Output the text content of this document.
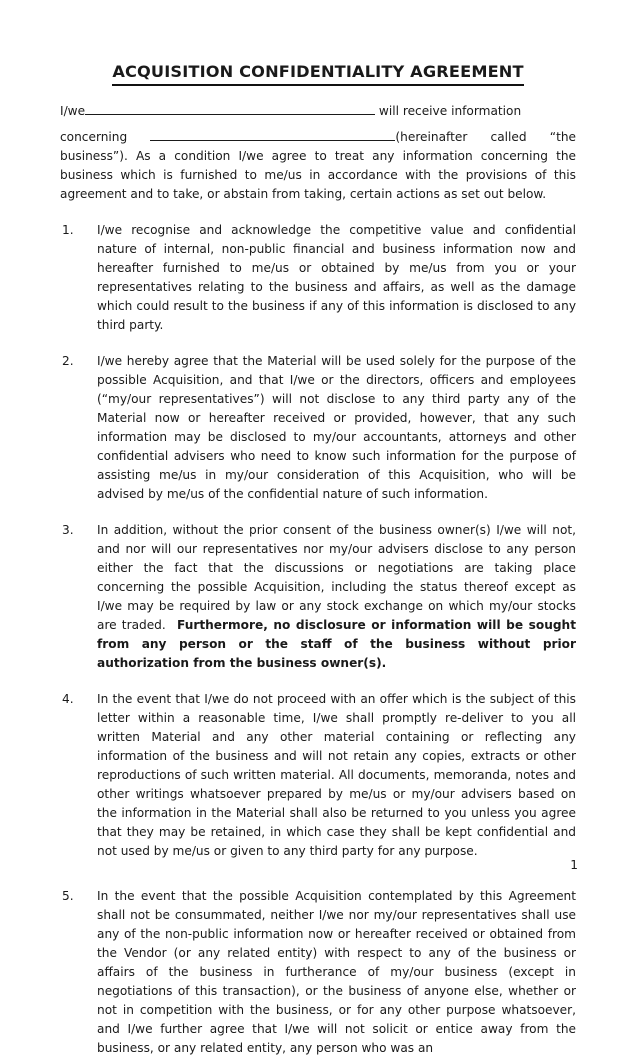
ACQUISITION CONFIDENTIALITY AGREEMENT
I/we	will receive information
concerning	(hereinafter called “the business”). As a condition I/we agree to treat any information concerning the business which is furnished to me/us in accordance with the provisions of this agreement and to take, or abstain from taking, certain actions as set out below.
1.	I/we recognise and acknowledge the competitive value and confidential nature of internal, non-public financial and business information now and hereafter furnished to me/us or obtained by me/us from you or your representatives relating to the business and affairs, as well as the damage which could result to the business if any of this information is disclosed to any third party.
2.	I/we hereby agree that the Material will be used solely for the purpose of the possible Acquisition, and that I/we or the directors, officers and employees (“my/our representatives”) will not disclose to any third party any of the Material now or hereafter received or provided, however, that any such information may be disclosed to my/our accountants, attorneys and other confidential advisers who need to know such information for the purpose of assisting me/us in my/our consideration of this Acquisition, who will be advised by me/us of the confidential nature of such information.
3.	In addition, without the prior consent of the business owner(s) I/we will not, and nor will our representatives nor my/our advisers disclose to any person either the fact that the discussions or negotiations are taking place concerning the possible Acquisition, including the status thereof except as I/we may be required by law or any stock exchange on which my/our stocks are traded.  Furthermore, no disclosure or information will be sought from any person or the staff of the business without prior authorization from the business owner(s).
4.	In the event that I/we do not proceed with an offer which is the subject of this letter within a reasonable time, I/we shall promptly re-deliver to you all written Material and any other material containing or reflecting any information of the business and will not retain any copies, extracts or other reproductions of such written material. All documents, memoranda, notes and other writings whatsoever prepared by me/us or my/our advisers based on the information in the Material shall also be returned to you unless you agree that they may be retained, in which case they shall be kept confidential and not used by me/us or given to any third party for any purpose.
5.	In the event that the possible Acquisition contemplated by this Agreement shall not be consummated, neither I/we nor my/our representatives shall use any of the non-public information now or hereafter received or obtained from the Vendor (or any related entity) with respect to any of the business or affairs of the business in furtherance of my/our business (except in negotiations of this transaction), or the business of anyone else, whether or not in competition with the business, or for any other purpose whatsoever, and I/we further agree that I/we will not solicit or entice away from the business, or any related entity, any person who was an
1
